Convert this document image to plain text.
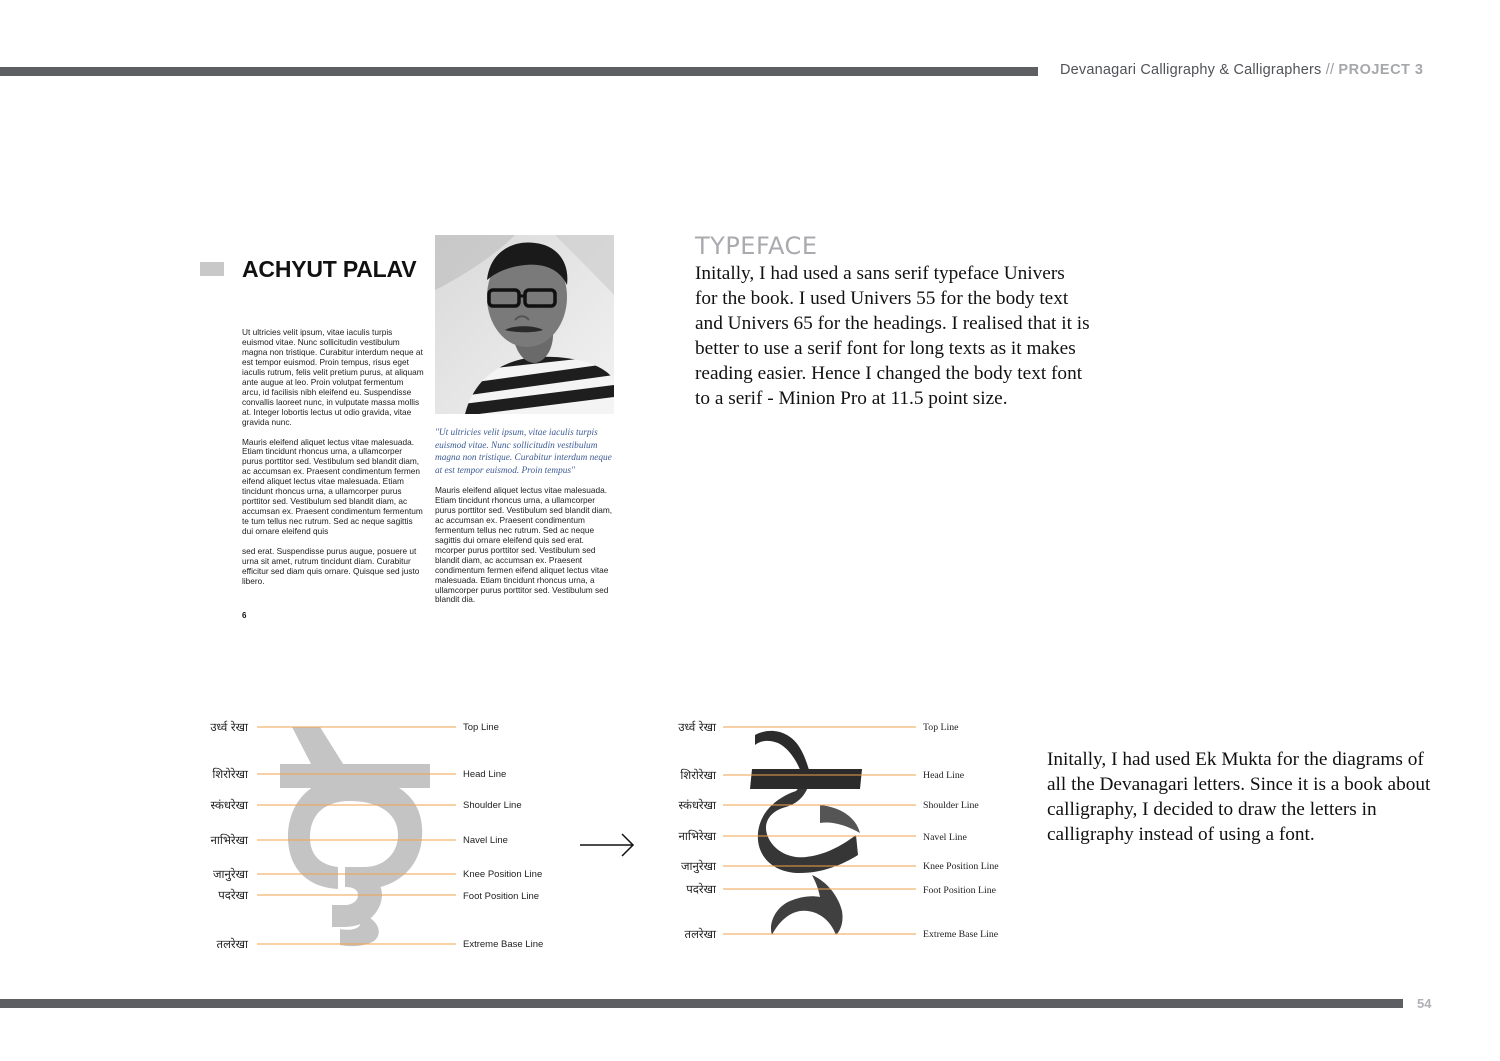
Devanagari Calligraphy & Calligraphers // PROJECT 3
ACHYUT PALAV

Ut ultricies velit ipsum, vitae iaculis turpis euismod vitae. Nunc sollicitudin vestibulum magna non tristique. Curabitur interdum neque at est tempor euismod. Proin tempus, risus eget iaculis rutrum, felis velit pretium purus, at aliquam ante augue at leo. Proin volutpat fermentum arcu, id facilisis nibh eleifend eu. Suspendisse convallis laoreet nunc, in vulputate massa mollis at. Integer lobortis lectus ut odio gravida, vitae gravida nunc.

Mauris eleifend aliquet lectus vitae malesuada. Etiam tincidunt rhoncus urna, a ullamcorper purus porttitor sed. Vestibulum sed blandit diam, ac accumsan ex. Praesent condimentum fermen eifend aliquet lectus vitae malesuada. Etiam tincidunt rhoncus urna, a ullamcorper purus porttitor sed. Vestibulum sed blandit diam, ac accumsan ex. Praesent condimentum fermentum te tum tellus nec rutrum. Sed ac neque sagittis dui ornare eleifend quis

sed erat. Suspendisse purus augue, posuere ut urna sit amet, rutrum tincidunt diam. Curabitur efficitur sed diam quis ornare. Quisque sed justo libero.

"Ut ultricies velit ipsum, vitae iaculis turpis euismod vitae. Nunc sollicitudin vestibulum magna non tristique. Curabitur interdum neque at est tempor euismod. Proin tempus"

Mauris eleifend aliquet lectus vitae malesuada. Etiam tincidunt rhoncus urna, a ullamcorper purus porttitor sed. Vestibulum sed blandit diam, ac accumsan ex. Praesent condimentum fermentum tellus nec rutrum. Sed ac neque sagittis dui ornare eleifend quis sed erat. mcorper purus porttitor sed. Vestibulum sed blandit diam, ac accumsan ex. Praesent condimentum fermen eifend aliquet lectus vitae malesuada. Etiam tincidunt rhoncus urna, a ullamcorper purus porttitor sed. Vestibulum sed blandit dia.

6
TYPEFACE
Initally, I had used a sans serif typeface Univers for the book. I used Univers 55 for the body text and Univers 65 for the headings. I realised that it is better to use a serif font for long texts as it makes reading easier. Hence I changed the body text font to a serif - Minion Pro at 11.5 point size.
उर्ध्व रेखा
शिरोरेखा
स्कंधरेखा
नाभिरेखा
जानुरेखा
पदरेखा
तलरेखा
Top Line
Head Line
Shoulder Line
Navel Line
Knee Position Line
Foot Position Line
Extreme Base Line
उर्ध्व रेखा
शिरोरेखा
स्कंधरेखा
नाभिरेखा
जानुरेखा
पदरेखा
तलरेखा
Top Line
Head Line
Shoulder Line
Navel Line
Knee Position Line
Foot Position Line
Extreme Base Line
Initally, I had used Ek Mukta for the diagrams of all the Devanagari letters. Since it is a book about calligraphy, I decided to draw the letters in calligraphy instead of using a font.
54
